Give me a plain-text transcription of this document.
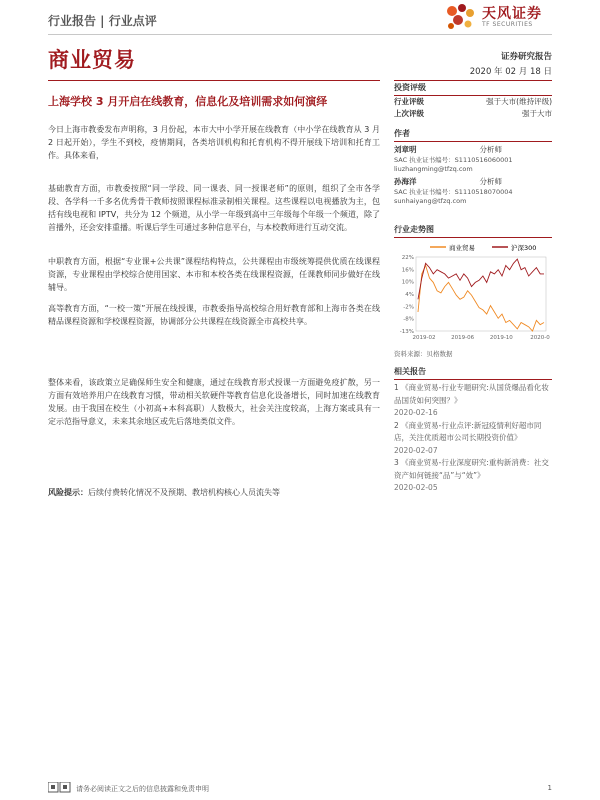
行业报告 | 行业点评	天风证券
TF SECURITIES
商业贸易	证券研究报告
2020 年 02 月 18 日
上海学校 3 月开启在线教育，信息化及培训需求如何演绎
今日上海市教委发布声明称，3 月份起，本市大中小学开展在线教育（中小学在线教育从 3 月 2 日起开始），学生不到校，疫情期间，各类培训机构和托育机构不得开展线下培训和托育工作。具体来看，
基础教育方面，市教委按照“同一学段、同一课表、同一授课老师”的原则，组织了全市各学段、各学科一千多名优秀骨干教师按照课程标准录制相关课程。这些课程以电视播放为主，包括有线电视和 IPTV，共分为 12 个频道，从小学一年级到高中三年级每个年级一个频道，除了首播外，还会安排重播。听课后学生可通过多种信息平台，与本校教师进行互动交流。
中职教育方面，根据“专业课+公共课”课程结构特点，公共课程由市级统筹提供优质在线课程资源，专业课程由学校综合使用国家、本市和本校各类在线课程资源，任课教师同步做好在线辅导。
高等教育方面，“一校一策”开展在线授课，市教委指导高校综合用好教育部和上海市各类在线精品课程资源和学校课程资源，协调部分公共课程在线资源全市高校共享。
整体来看，该政策立足确保师生安全和健康，通过在线教育形式授课一方面避免疫扩散，另一方面有效培养用户在线教育习惯，带动相关软硬件等教育信息化设备增长，同时加速在线教育发展。由于我国在校生（小初高+本科高职）人数极大，社会关注度较高，上海方案或具有一定示范指导意义，未来其余地区或先后落地类似文件。
风险提示：后续付费转化情况不及预期、教培机构核心人员流失等
投资评级
行业评级	强于大市(维持评级)
上次评级	强于大市
作者
刘章明	分析师
SAC 执业证书编号：S1110516060001
liuzhangming@tfzq.com
孙海洋	分析师
SAC 执业证书编号：S1110518070004
sunhaiyang@tfzq.com
行业走势图
商业贸易	沪深300
22%
16%
10%
4%
-2%
-8%
-13%
2019-02	2019-06	2019-10	2020-0
资料来源：贝格数据
相关报告
1 《商业贸易-行业专题研究:从国货爆品看化妆品国货如何突围？》
2020-02-16
2 《商业贸易-行业点评:新冠疫情利好超市同店，关注优质超市公司长期投资价值》
2020-02-07
3 《商业贸易-行业深度研究:重构新消费：社交资产如何链接“品”与“效”》
2020-02-05
请务必阅读正文之后的信息披露和免责申明	1
